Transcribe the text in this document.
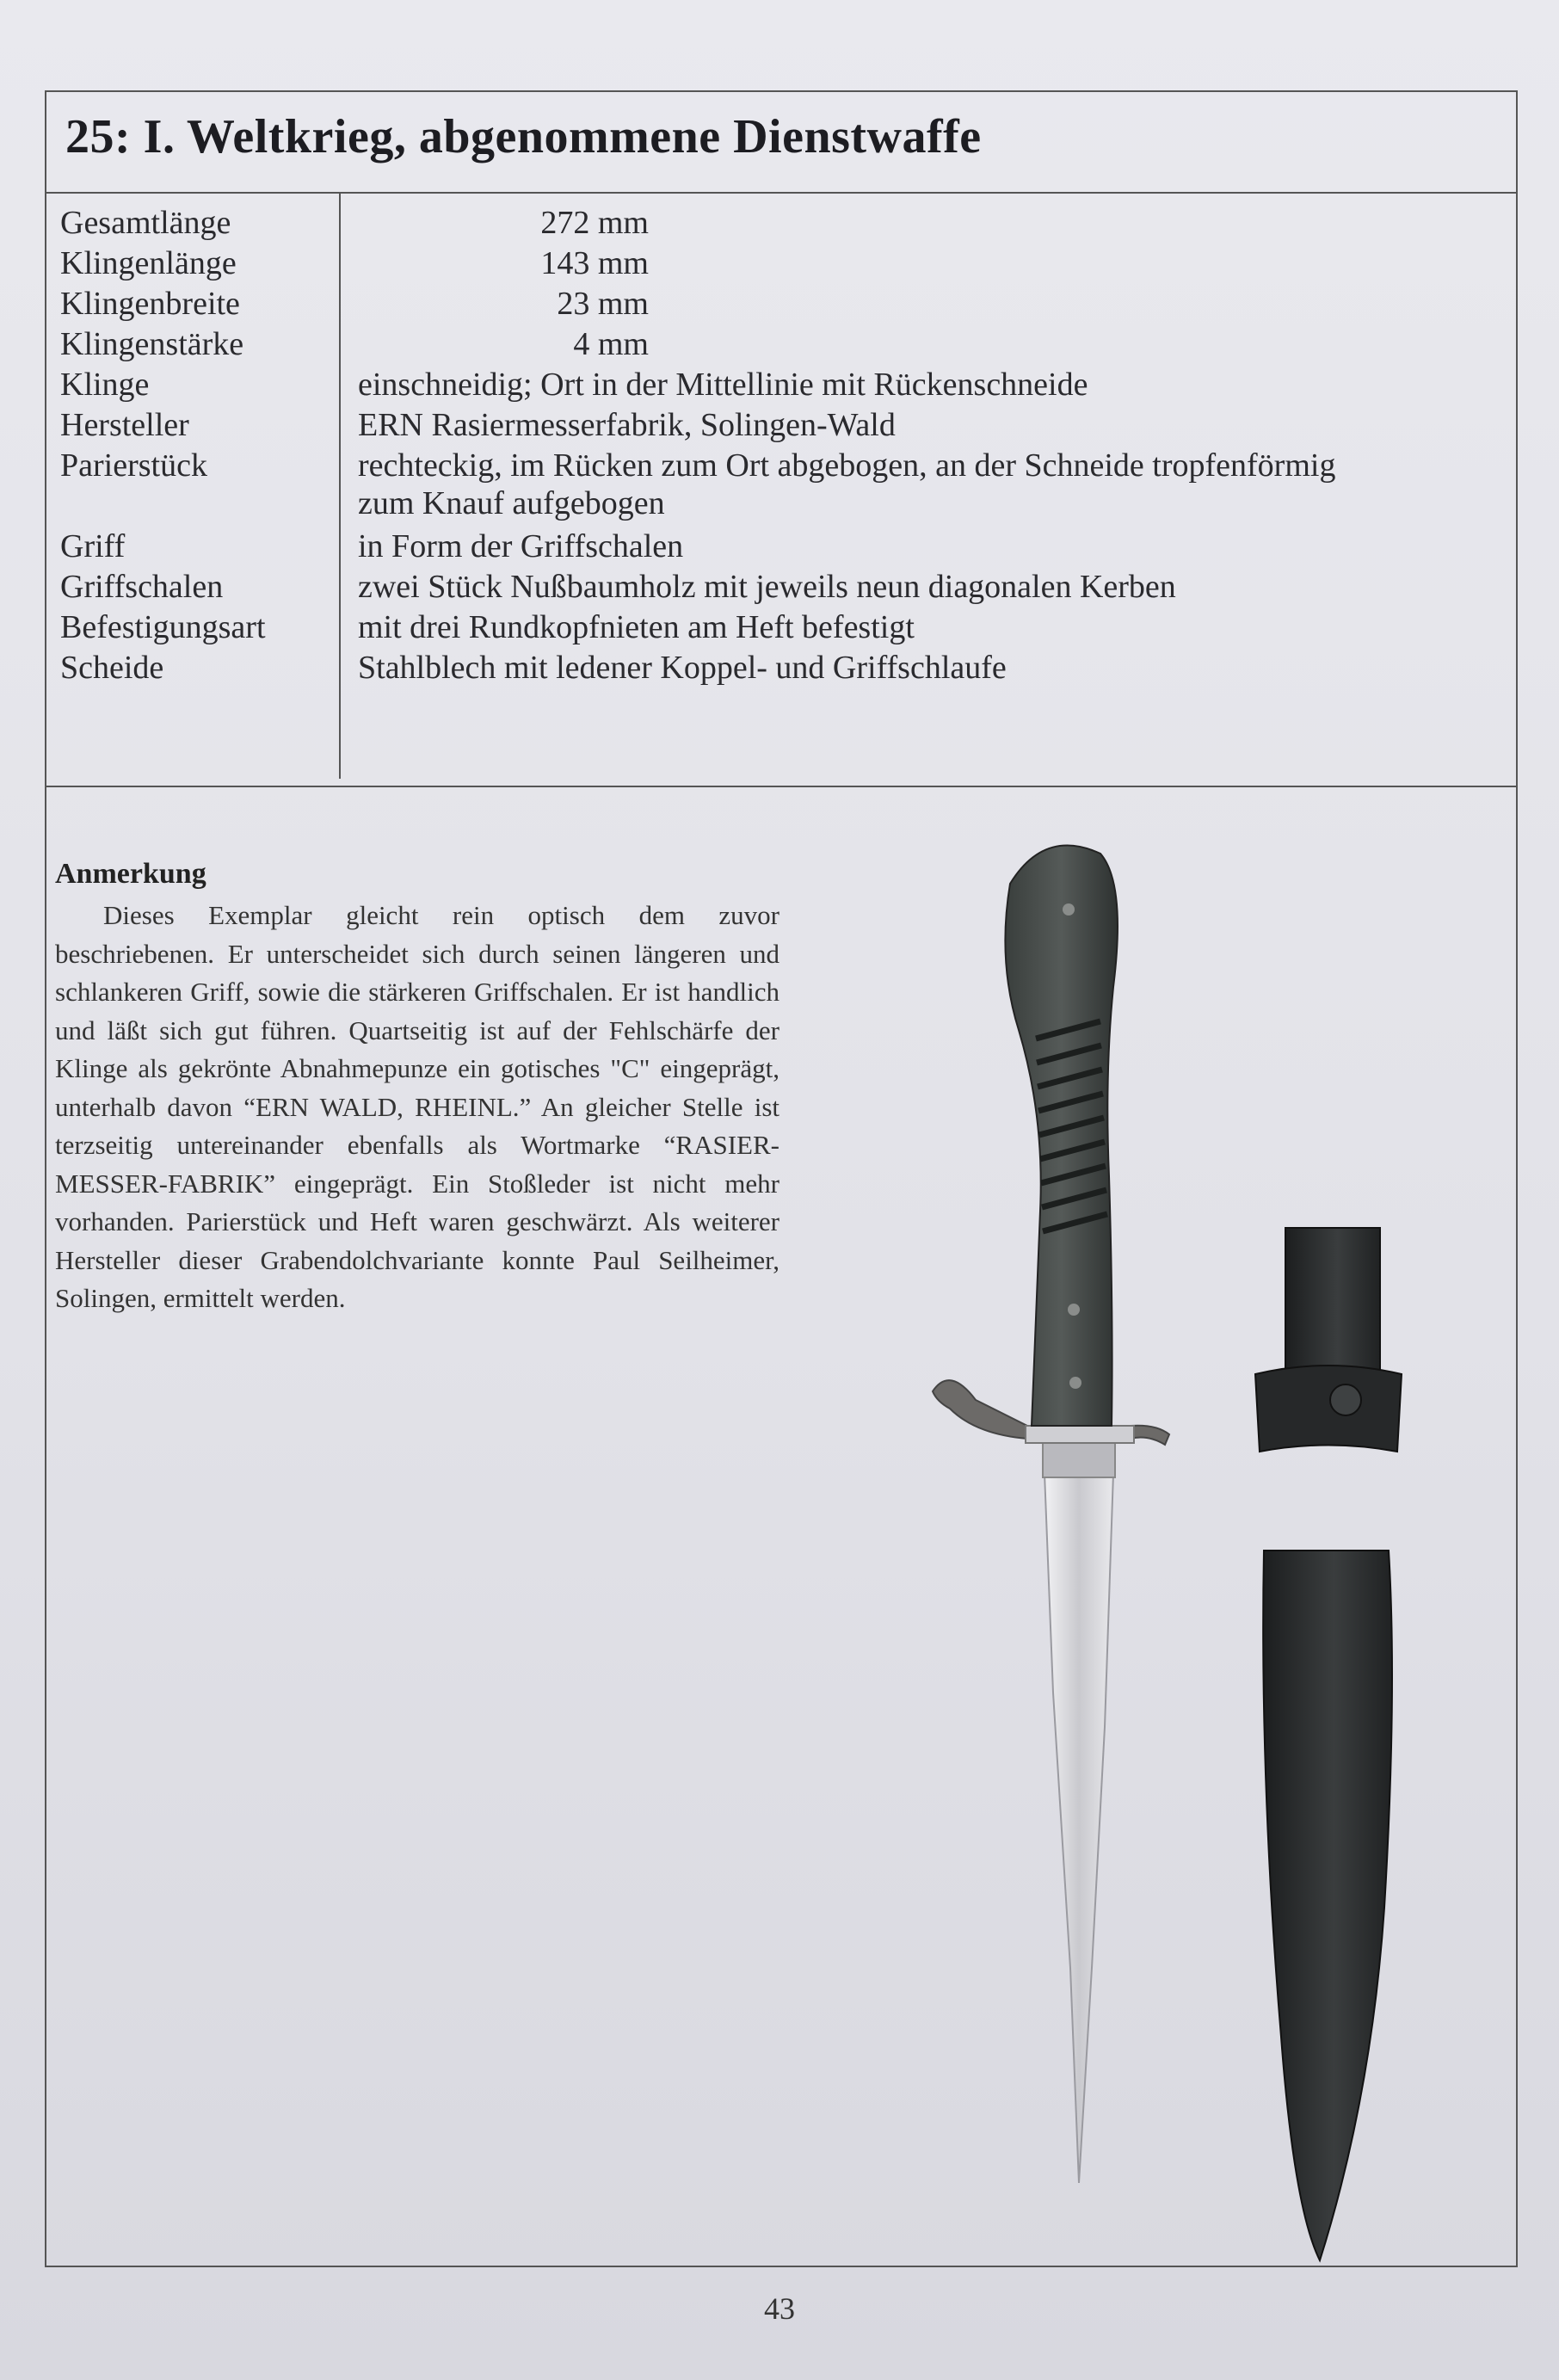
25: I. Weltkrieg, abgenommene Dienstwaffe
Gesamtlänge	272 mm
Klingenlänge	143 mm
Klingenbreite	23 mm
Klingenstärke	4 mm
Klinge	einschneidig; Ort in der Mittellinie mit Rückenschneide
Hersteller	ERN Rasiermesserfabrik, Solingen-Wald
Parierstück	rechteckig, im Rücken zum Ort abgebogen, an der Schneide tropfenförmig
zum Knauf aufgebogen
Griff	in Form der Griffschalen
Griffschalen	zwei Stück Nußbaumholz mit jeweils neun diagonalen Kerben
Befestigungsart	mit drei Rundkopfnieten am Heft befestigt
Scheide	Stahlblech mit ledener Koppel- und Griffschlaufe
Anmerkung

Dieses Exemplar gleicht rein optisch dem zuvor beschriebenen. Er unterscheidet sich durch seinen längeren und schlankeren Griff, sowie die stärkeren Griffschalen. Er ist handlich und läßt sich gut führen. Quartseitig ist auf der Fehlschärfe der Klinge als gekrönte Abnahmepunze ein gotisches "C" eingeprägt, unterhalb davon “ERN WALD, RHEINL.” An gleicher Stelle ist terzseitig untereinander ebenfalls als Wortmarke “RASIER-MESSER-FABRIK” eingeprägt. Ein Stoßleder ist nicht mehr vorhanden. Parierstück und Heft waren geschwärzt. Als weiterer Hersteller dieser Grabendolchvariante konnte Paul Seilheimer, Solingen, ermittelt werden.

43
